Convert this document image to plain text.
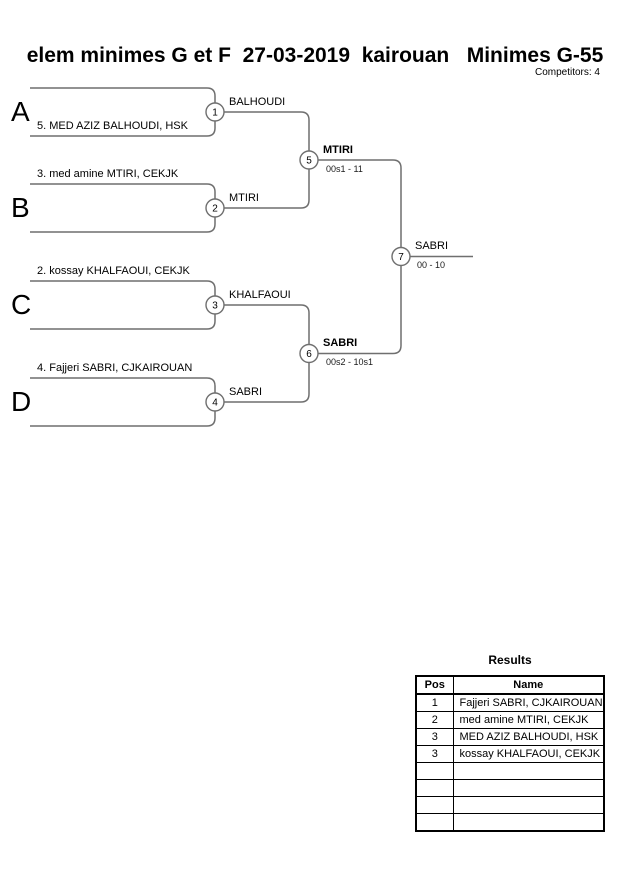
elem minimes G et F  27-03-2019  kairouan   Minimes G-55
Competitors: 4
1
2
3
4
5
6
7
A
B
C
D
5. MED AZIZ BALHOUDI, HSK
3. med amine MTIRI, CEKJK
2. kossay KHALFAOUI, CEKJK
4. Fajjeri SABRI, CJKAIROUAN
BALHOUDI
MTIRI
KHALFAOUI
SABRI
MTIRI
00s1 - 11
SABRI
00s2 - 10s1
SABRI
00 - 10
Results
Pos	Name
1	Fajjeri SABRI, CJKAIROUAN
2	med amine MTIRI, CEKJK
3	MED AZIZ BALHOUDI, HSK
3	kossay KHALFAOUI, CEKJK
